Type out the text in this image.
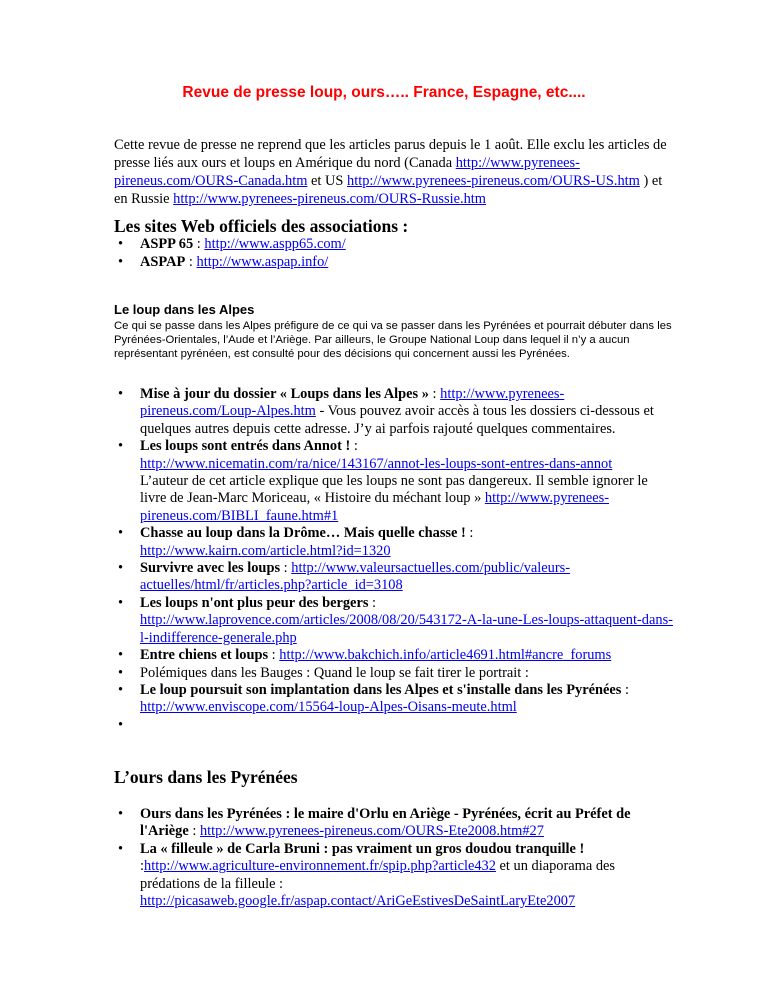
Revue de presse loup, ours….. France, Espagne, etc....

Cette revue de presse ne reprend que les articles parus depuis le 1 août. Elle exclu les articles de presse liés aux ours et loups en Amérique du nord (Canada http://www.pyrenees-pireneus.com/OURS-Canada.htm et US http://www.pyrenees-pireneus.com/OURS-US.htm ) et en Russie http://www.pyrenees-pireneus.com/OURS-Russie.htm

Les sites Web officiels des associations :
• ASPP 65 : http://www.aspp65.com/
• ASPAP : http://www.aspap.info/
Le loup dans les Alpes

Ce qui se passe dans les Alpes préfigure de ce qui va se passer dans les Pyrénées et pourrait débuter dans les Pyrénées-Orientales, l’Aude et l’Ariège. Par ailleurs, le Groupe National Loup dans lequel il n’y a aucun représentant pyrénéen, est consulté pour des décisions qui concernent aussi les Pyrénées.

• Mise à jour du dossier « Loups dans les Alpes » : http://www.pyrenees-pireneus.com/Loup-Alpes.htm - Vous pouvez avoir accès à tous les dossiers ci-dessous et quelques autres depuis cette adresse. J’y ai parfois rajouté quelques commentaires.
• Les loups sont entrés dans Annot ! :
http://www.nicematin.com/ra/nice/143167/annot-les-loups-sont-entres-dans-annot
L’auteur de cet article explique que les loups ne sont pas dangereux. Il semble ignorer le livre de Jean-Marc Moriceau, « Histoire du méchant loup » http://www.pyrenees-pireneus.com/BIBLI_faune.htm#1
• Chasse au loup dans la Drôme… Mais quelle chasse ! :
http://www.kairn.com/article.html?id=1320
• Survivre avec les loups : http://www.valeursactuelles.com/public/valeurs-actuelles/html/fr/articles.php?article_id=3108
• Les loups n'ont plus peur des bergers :
http://www.laprovence.com/articles/2008/08/20/543172-A-la-une-Les-loups-attaquent-dans-l-indifference-generale.php
• Entre chiens et loups : http://www.bakchich.info/article4691.html#ancre_forums
• Polémiques dans les Bauges : Quand le loup se fait tirer le portrait :
• Le loup poursuit son implantation dans les Alpes et s'installe dans les Pyrénées :
http://www.enviscope.com/15564-loup-Alpes-Oisans-meute.html
•
L’ours dans les Pyrénées
• Ours dans les Pyrénées : le maire d'Orlu en Ariège - Pyrénées, écrit au Préfet de l'Ariège : http://www.pyrenees-pireneus.com/OURS-Ete2008.htm#27
• La « filleule » de Carla Bruni : pas vraiment un gros doudou tranquille ! :http://www.agriculture-environnement.fr/spip.php?article432 et un diaporama des prédations de la filleule :
http://picasaweb.google.fr/aspap.contact/AriGeEstivesDeSaintLaryEte2007
